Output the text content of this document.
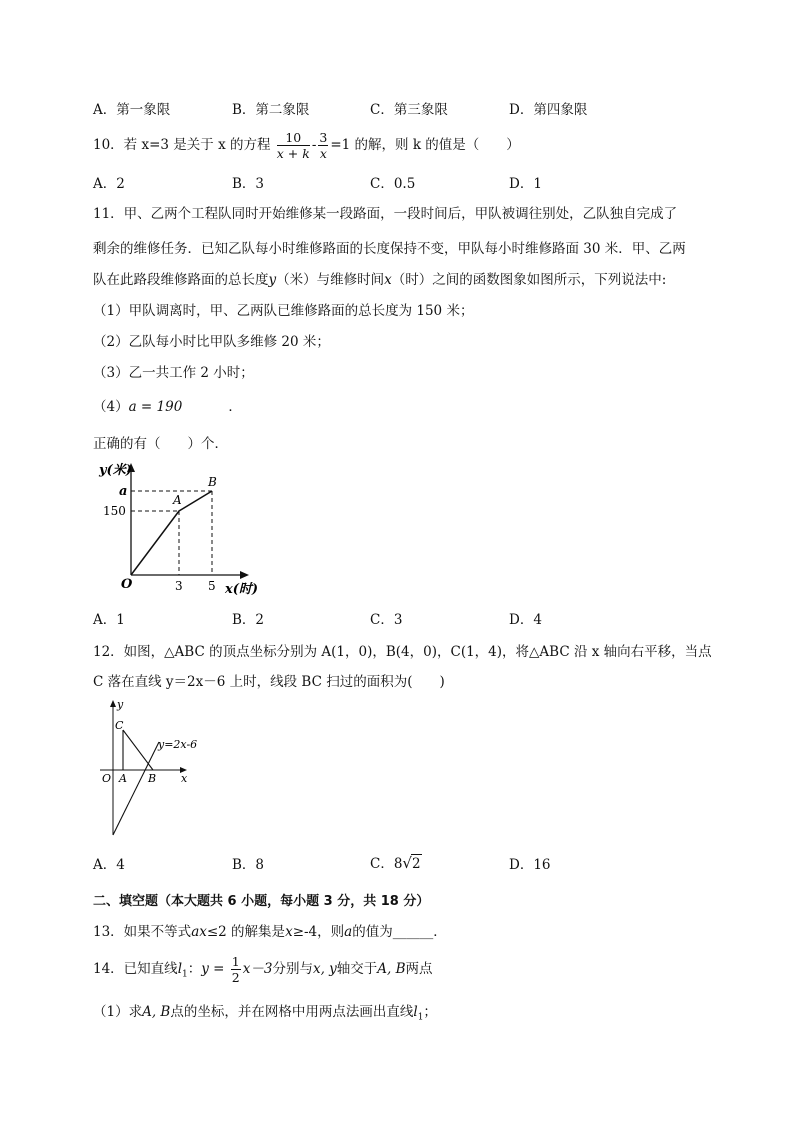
A．第一象限	B．第二象限	C．第三象限	D．第四象限
10．若 x=3 是关于 x 的方程 $\frac{10}{x + k} - \frac{3}{x} =1$ 的解，则 k 的值是（　　）
A．2	B．3	C．0.5	D．1
11．甲、乙两个工程队同时开始维修某一段路面，一段时间后，甲队被调往别处，乙队独自完成了
剩余的维修任务．已知乙队每小时维修路面的长度保持不变，甲队每小时维修路面 30 米．甲、乙两
队在此路段维修路面的总长度y（米）与维修时间x（时）之间的函数图象如图所示，下列说法中:
（1）甲队调离时，甲、乙两队已维修路面的总长度为 150 米；
（2）乙队每小时比甲队多维修 20 米；
（3）乙一共工作 2 小时；
（4）a = 190	．
正确的有（　　）个．
y(米)
a
150
O	3 5 x(时)
A
B
A．1	B．2	C．3	D．4
12．如图，△ABC 的顶点坐标分别为 A(1，0)，B(4，0)，C(1，4)，将△ABC 沿 x 轴向右平移，当点
C 落在直线 y＝2x－6 上时，线段 BC 扫过的面积为(　　)
y
C
y=2x-6
O A B x
A．4	B．8	C．8√2	D．16
二、填空题（本大题共 6 小题，每小题 3 分，共 18 分）
13．如果不等式ax≤2 的解集是x≥-4，则a的值为______．
14．已知直线$l_1$：$y = \frac{1}{2} x-3$分别与x, y轴交于A, B两点
（1）求A, B点的坐标，并在网格中用两点法画出直线$l_1$；
